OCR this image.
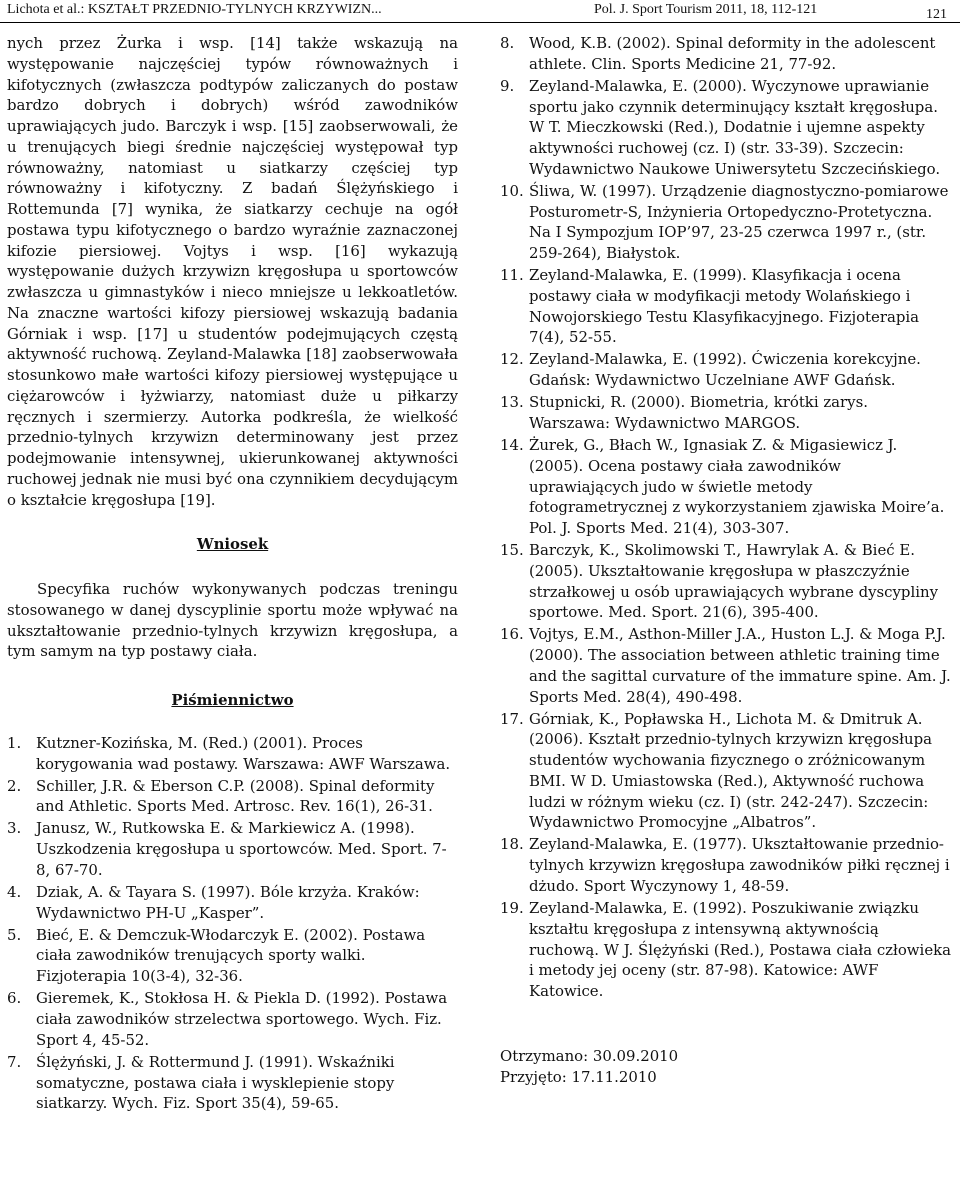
Lichota et al.: KSZTAŁT PRZEDNIO-TYLNYCH KRZYWIZN...	Pol. J. Sport Tourism 2011, 18, 112-121	121

nych przez Żurka i wsp. [14] także wskazują na występowanie najczęściej typów równoważnych i kifotycznych (zwłaszcza podtypów zaliczanych do postaw bardzo dobrych i dobrych) wśród zawodników uprawiających judo. Barczyk i wsp. [15] zaobserwowali, że u trenujących biegi średnie najczęściej występował typ równoważny, natomiast u siatkarzy częściej typ równoważny i kifotyczny. Z badań Ślężyńskiego i Rottemunda [7] wynika, że siatkarzy cechuje na ogół postawa typu kifotycznego o bardzo wyraźnie zaznaczonej kifozie piersiowej. Vojtys i wsp. [16] wykazują występowanie dużych krzywizn kręgosłupa u sportowców zwłaszcza u gimnastyków i nieco mniejsze u lekkoatletów. Na znaczne wartości kifozy piersiowej wskazują badania Górniak i wsp. [17] u studentów podejmujących częstą aktywność ruchową. Zeyland-Malawka [18] zaobserwowała stosunkowo małe wartości kifozy piersiowej występujące u ciężarowców i łyżwiarzy, natomiast duże u piłkarzy ręcznych i szermierzy. Autorka podkreśla, że wielkość przednio-tylnych krzywizn determinowany jest przez podejmowanie intensywnej, ukierunkowanej aktywności ruchowej jednak nie musi być ona czynnikiem decydującym o kształcie kręgosłupa [19].

Wniosek

Specyfika ruchów wykonywanych podczas treningu stosowanego w danej dyscyplinie sportu może wpływać na ukształtowanie przednio-tylnych krzywizn kręgosłupa, a tym samym na typ postawy ciała.

Piśmiennictwo
1. Kutzner-Kozińska, M. (Red.) (2001). Proces korygowania wad postawy. Warszawa: AWF Warszawa.
2. Schiller, J.R. & Eberson C.P. (2008). Spinal deformity and Athletic. Sports Med. Artrosc. Rev. 16(1), 26-31.
3. Janusz, W., Rutkowska E. & Markiewicz A. (1998). Uszkodzenia kręgosłupa u sportowców. Med. Sport. 7-8, 67-70.
4. Dziak, A. & Tayara S. (1997). Bóle krzyża. Kraków: Wydawnictwo PH-U „Kasper”.
5. Bieć, E. & Demczuk-Włodarczyk E. (2002). Postawa ciała zawodników trenujących sporty walki. Fizjoterapia 10(3-4), 32-36.
6. Gieremek, K., Stokłosa H. & Piekla D. (1992). Postawa ciała zawodników strzelectwa sportowego. Wych. Fiz. Sport 4, 45-52.
7. Ślężyński, J. & Rottermund J. (1991). Wskaźniki somatyczne, postawa ciała i wysklepienie stopy siatkarzy. Wych. Fiz. Sport 35(4), 59-65.
8. Wood, K.B. (2002). Spinal deformity in the adolescent athlete. Clin. Sports Medicine 21, 77-92.
9. Zeyland-Malawka, E. (2000). Wyczynowe uprawianie sportu jako czynnik determinujący kształt kręgosłupa. W T. Mieczkowski (Red.), Dodatnie i ujemne aspekty aktywności ruchowej (cz. I) (str. 33-39). Szczecin: Wydawnictwo Naukowe Uniwersytetu Szczecińskiego.
10. Śliwa, W. (1997). Urządzenie diagnostyczno-pomiarowe Posturometr-S, Inżynieria Ortopedyczno-Protetyczna. Na I Sympozjum IOP’97, 23-25 czerwca 1997 r., (str. 259-264), Białystok.
11. Zeyland-Malawka, E. (1999). Klasyfikacja i ocena postawy ciała w modyfikacji metody Wolańskiego i Nowojorskiego Testu Klasyfikacyjnego. Fizjoterapia 7(4), 52-55.
12. Zeyland-Malawka, E. (1992). Ćwiczenia korekcyjne. Gdańsk: Wydawnictwo Uczelniane AWF Gdańsk.
13. Stupnicki, R. (2000). Biometria, krótki zarys. Warszawa: Wydawnictwo MARGOS.
14. Żurek, G., Błach W., Ignasiak Z. & Migasiewicz J. (2005). Ocena postawy ciała zawodników uprawiających judo w świetle metody fotogrametrycznej z wykorzystaniem zjawiska Moire’a. Pol. J. Sports Med. 21(4), 303-307.
15. Barczyk, K., Skolimowski T., Hawrylak A. & Bieć E. (2005). Ukształtowanie kręgosłupa w płaszczyźnie strzałkowej u osób uprawiających wybrane dyscypliny sportowe. Med. Sport. 21(6), 395-400.
16. Vojtys, E.M., Asthon-Miller J.A., Huston L.J. & Moga P.J. (2000). The association between athletic training time and the sagittal curvature of the immature spine. Am. J. Sports Med. 28(4), 490-498.
17. Górniak, K., Popławska H., Lichota M. & Dmitruk A. (2006). Kształt przednio-tylnych krzywizn kręgosłupa studentów wychowania fizycznego o zróżnicowanym BMI. W D. Umiastowska (Red.), Aktywność ruchowa ludzi w różnym wieku (cz. I) (str. 242-247). Szczecin: Wydawnictwo Promocyjne „Albatros”.
18. Zeyland-Malawka, E. (1977). Ukształtowanie przednio-tylnych krzywizn kręgosłupa zawodników piłki ręcznej i dżudo. Sport Wyczynowy 1, 48-59.
19. Zeyland-Malawka, E. (1992). Poszukiwanie związku kształtu kręgosłupa z intensywną aktywnością ruchową. W J. Ślężyński (Red.), Postawa ciała człowieka i metody jej oceny (str. 87-98). Katowice: AWF Katowice.
Otrzymano: 30.09.2010
Przyjęto: 17.11.2010
